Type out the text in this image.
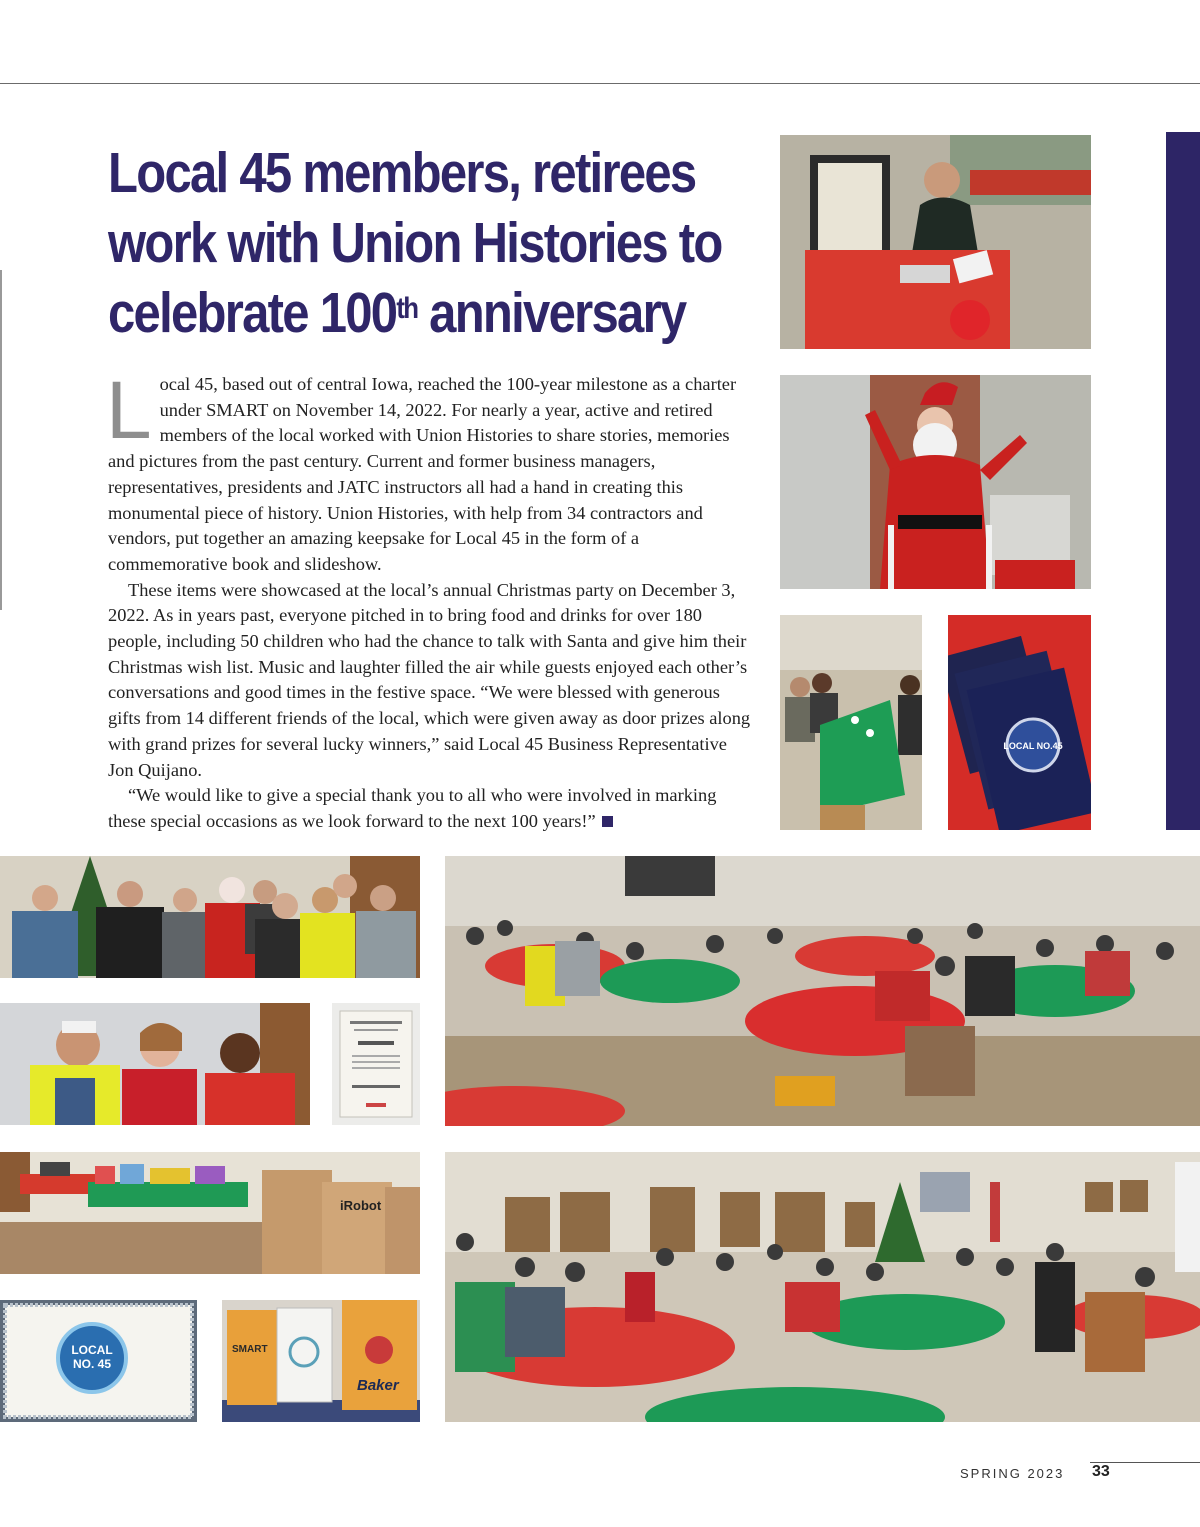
Local 45 members, retirees
work with Union Histories to
celebrate 100th anniversary

Local 45, based out of central Iowa, reached the 100-year milestone as a charter under SMART on November 14, 2022. For nearly a year, active and retired members of the local worked with Union Histories to share stories, memories and pictures from the past century. Current and former business managers, representatives, presidents and JATC instructors all had a hand in creating this monumental piece of history. Union Histories, with help from 34 contractors and vendors, put together an amazing keepsake for Local 45 in the form of a commemorative book and slideshow.

These items were showcased at the local’s annual Christmas party on December 3, 2022. As in years past, everyone pitched in to bring food and drinks for over 180 people, including 50 children who had the chance to talk with Santa and give him their Christmas wish list. Music and laughter filled the air while guests enjoyed each other’s conversations and good times in the festive space. “We were blessed with generous gifts from 14 different friends of the local, which were given away as door prizes along with grand prizes for several lucky winners,” said Local 45 Business Representative Jon Quijano.

“We would like to give a special thank you to all who were involved in marking these special occasions as we look forward to the next 100 years!”

LOCAL NO.45
iRobot
LOCAL
NO. 45
SMART
Baker
SPRING 2023 33
